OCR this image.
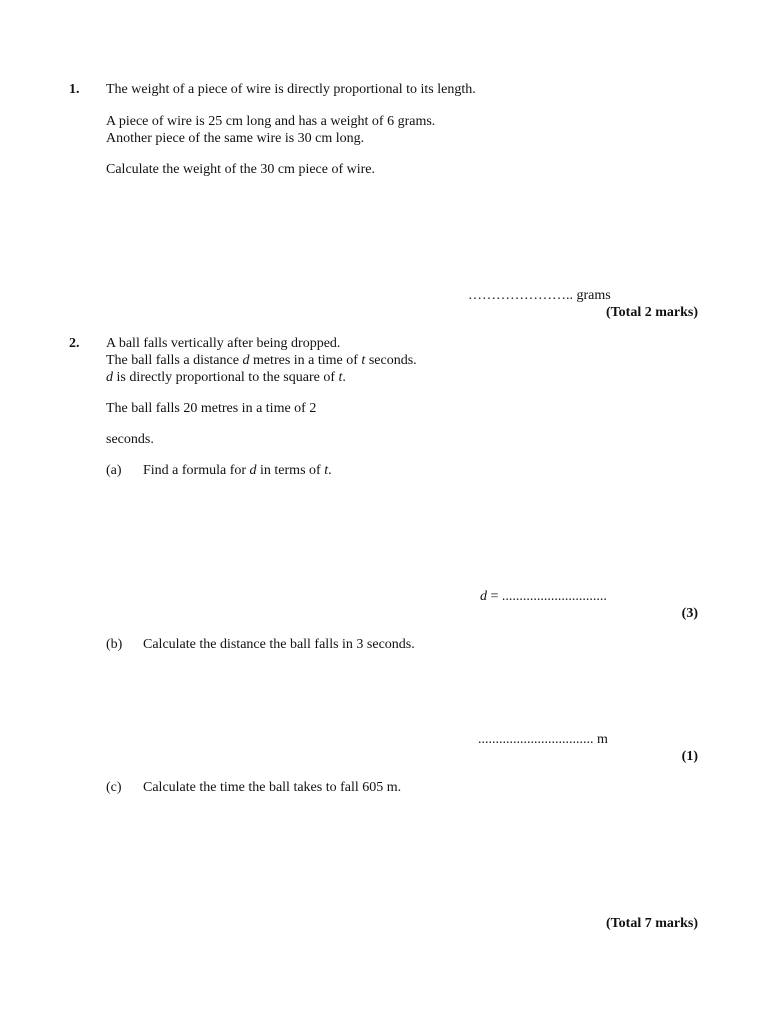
1. The weight of a piece of wire is directly proportional to its length.
A piece of wire is 25 cm long and has a weight of 6 grams.
Another piece of the same wire is 30 cm long.
Calculate the weight of the 30 cm piece of wire.
………………….. grams
(Total 2 marks)
2. A ball falls vertically after being dropped.
The ball falls a distance d metres in a time of t seconds.
d is directly proportional to the square of t.
The ball falls 20 metres in a time of 2
seconds.
(a) Find a formula for d in terms of t.
d = ..............................
(3)
(b) Calculate the distance the ball falls in 3 seconds.
................................. m
(1)
(c) Calculate the time the ball takes to fall 605 m.
(Total 7 marks)
